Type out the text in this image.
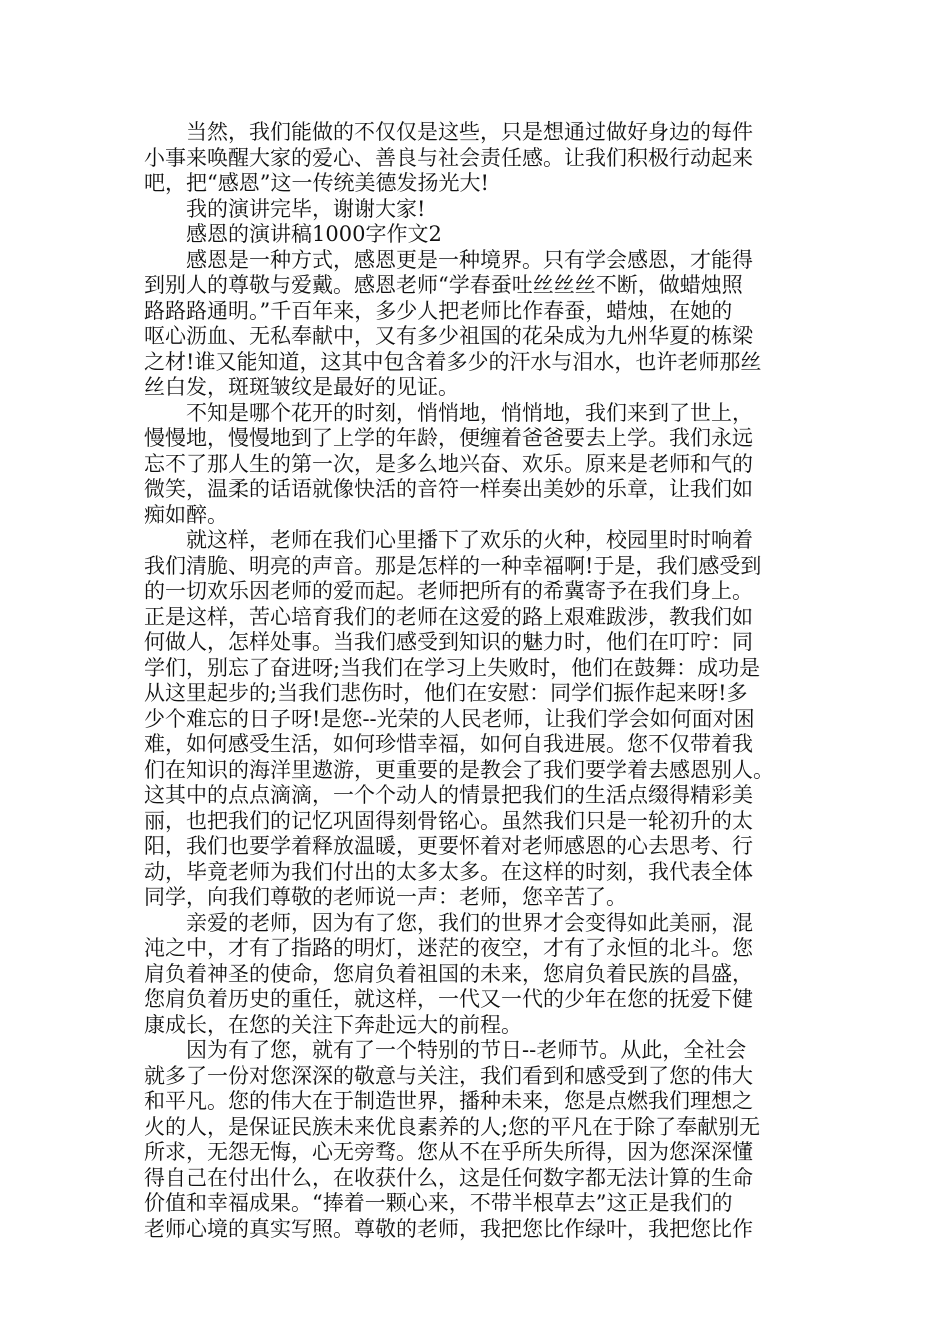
当然，我们能做的不仅仅是这些，只是想通过做好身边的每件
小事来唤醒大家的爱心、善良与社会责任感。让我们积极行动起来
吧，把“感恩”这一传统美德发扬光大!
我的演讲完毕，谢谢大家!
感恩的演讲稿1000字作文2
感恩是一种方式，感恩更是一种境界。只有学会感恩，才能得
到别人的尊敬与爱戴。感恩老师“学春蚕吐丝丝丝不断，做蜡烛照
路路路通明。”千百年来，多少人把老师比作春蚕，蜡烛，在她的
呕心沥血、无私奉献中，又有多少祖国的花朵成为九州华夏的栋梁
之材!谁又能知道，这其中包含着多少的汗水与泪水，也许老师那丝
丝白发，斑斑皱纹是最好的见证。
不知是哪个花开的时刻，悄悄地，悄悄地，我们来到了世上，
慢慢地，慢慢地到了上学的年龄，便缠着爸爸要去上学。我们永远
忘不了那人生的第一次，是多么地兴奋、欢乐。原来是老师和气的
微笑，温柔的话语就像快活的音符一样奏出美妙的乐章，让我们如
痴如醉。
就这样，老师在我们心里播下了欢乐的火种，校园里时时响着
我们清脆、明亮的声音。那是怎样的一种幸福啊!于是，我们感受到
的一切欢乐因老师的爱而起。老师把所有的希冀寄予在我们身上。
正是这样，苦心培育我们的老师在这爱的路上艰难跋涉，教我们如
何做人，怎样处事。当我们感受到知识的魅力时，他们在叮咛：同
学们，别忘了奋进呀;当我们在学习上失败时，他们在鼓舞：成功是
从这里起步的;当我们悲伤时，他们在安慰：同学们振作起来呀!多
少个难忘的日子呀!是您--光荣的人民老师，让我们学会如何面对困
难，如何感受生活，如何珍惜幸福，如何自我进展。您不仅带着我
们在知识的海洋里遨游，更重要的是教会了我们要学着去感恩别人。
这其中的点点滴滴，一个个动人的情景把我们的生活点缀得精彩美
丽，也把我们的记忆巩固得刻骨铭心。虽然我们只是一轮初升的太
阳，我们也要学着释放温暖，更要怀着对老师感恩的心去思考、行
动，毕竟老师为我们付出的太多太多。在这样的时刻，我代表全体
同学，向我们尊敬的老师说一声：老师，您辛苦了。
亲爱的老师，因为有了您，我们的世界才会变得如此美丽，混
沌之中，才有了指路的明灯，迷茫的夜空，才有了永恒的北斗。您
肩负着神圣的使命，您肩负着祖国的未来，您肩负着民族的昌盛，
您肩负着历史的重任，就这样，一代又一代的少年在您的抚爱下健
康成长，在您的关注下奔赴远大的前程。
因为有了您，就有了一个特别的节日--老师节。从此，全社会
就多了一份对您深深的敬意与关注，我们看到和感受到了您的伟大
和平凡。您的伟大在于制造世界，播种未来，您是点燃我们理想之
火的人，是保证民族未来优良素养的人;您的平凡在于除了奉献别无
所求，无怨无悔，心无旁骛。您从不在乎所失所得，因为您深深懂
得自己在付出什么，在收获什么，这是任何数字都无法计算的生命
价值和幸福成果。“捧着一颗心来，不带半根草去”这正是我们的
老师心境的真实写照。尊敬的老师，我把您比作绿叶，我把您比作
